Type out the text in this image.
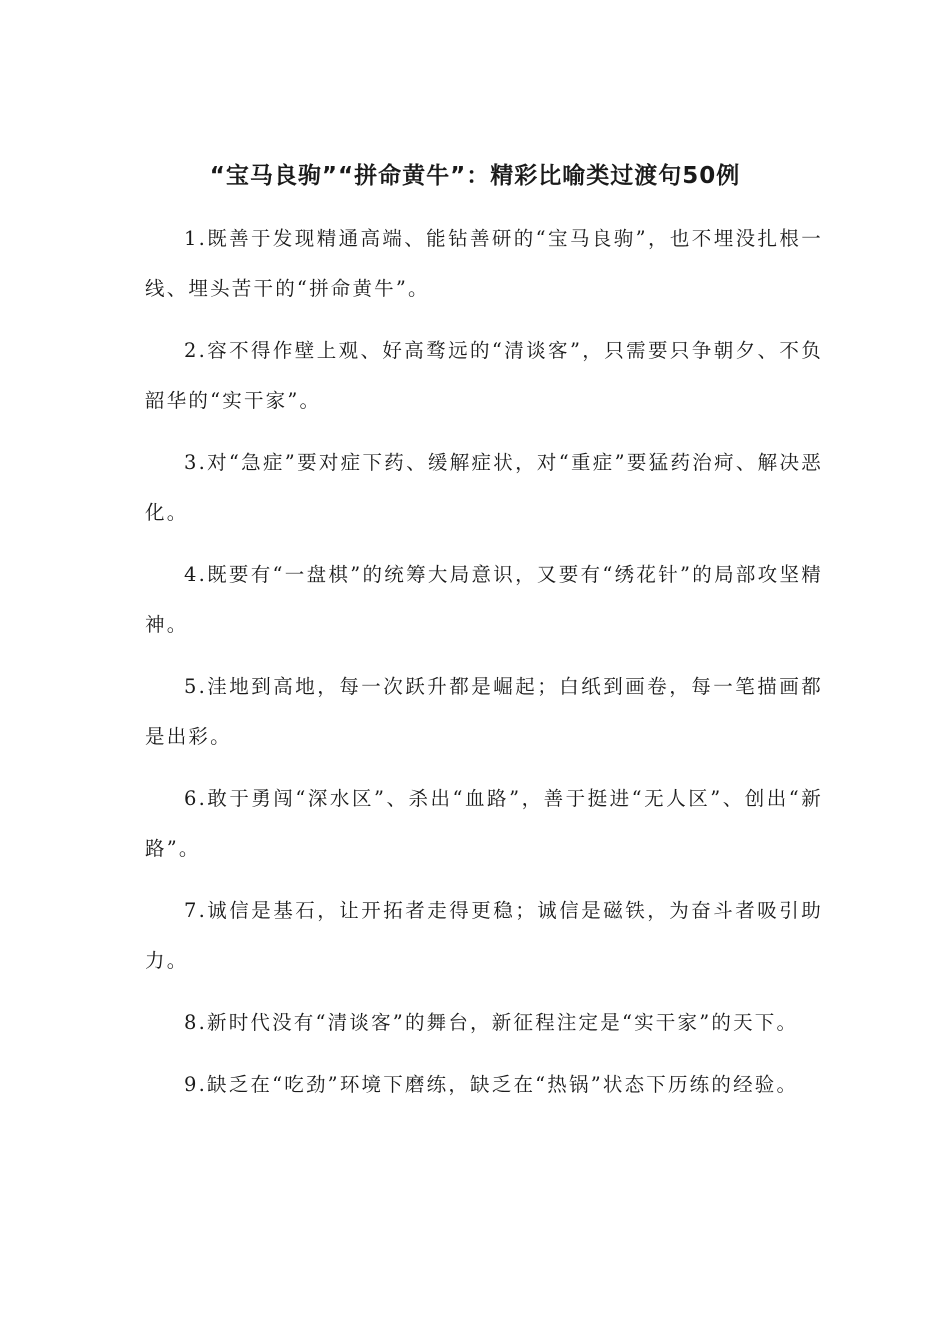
“宝马良驹”“拼命黄牛”：精彩比喻类过渡句50例

1.既善于发现精通高端、能钻善研的“宝马良驹”，也不埋没扎根一线、埋头苦干的“拼命黄牛”。

2.容不得作壁上观、好高骛远的“清谈客”，只需要只争朝夕、不负韶华的“实干家”。

3.对“急症”要对症下药、缓解症状，对“重症”要猛药治疴、解决恶化。

4.既要有“一盘棋”的统筹大局意识，又要有“绣花针”的局部攻坚精神。

5.洼地到高地，每一次跃升都是崛起；白纸到画卷，每一笔描画都是出彩。

6.敢于勇闯“深水区”、杀出“血路”，善于挺进“无人区”、创出“新路”。

7.诚信是基石，让开拓者走得更稳；诚信是磁铁，为奋斗者吸引助力。

8.新时代没有“清谈客”的舞台，新征程注定是“实干家”的天下。

9.缺乏在“吃劲”环境下磨练，缺乏在“热锅”状态下历练的经验。
